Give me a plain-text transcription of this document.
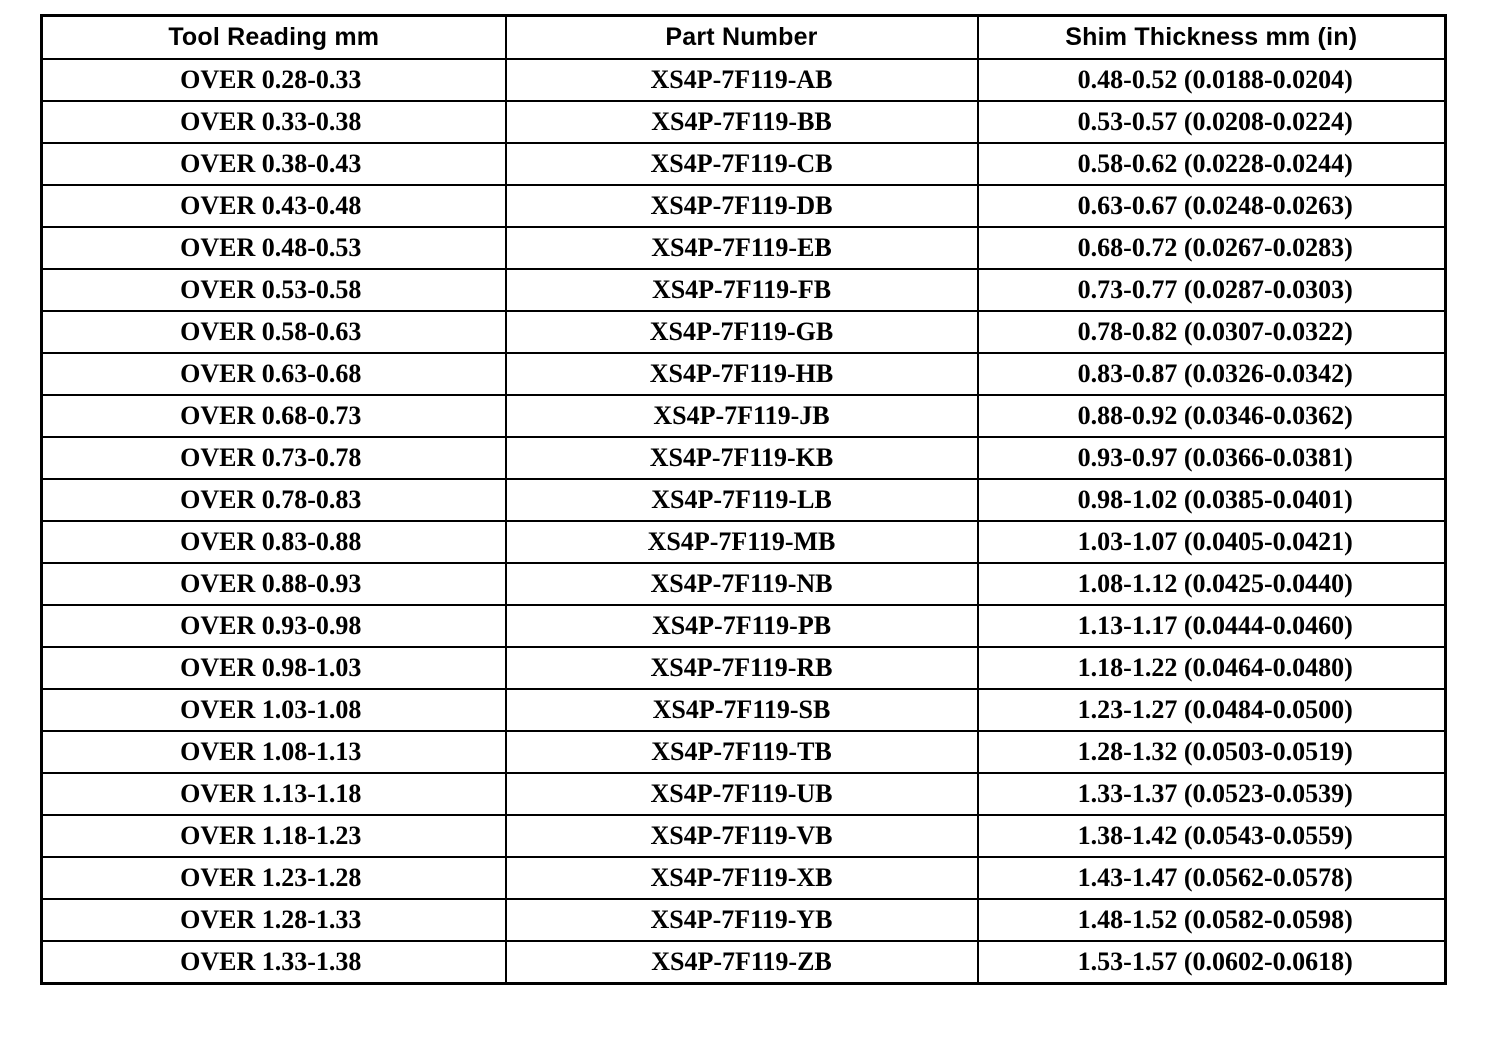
Tool Reading mm	Part Number	Shim Thickness mm (in)
OVER 0.28-0.33	XS4P-7F119-AB	0.48-0.52 (0.0188-0.0204)
OVER 0.33-0.38	XS4P-7F119-BB	0.53-0.57 (0.0208-0.0224)
OVER 0.38-0.43	XS4P-7F119-CB	0.58-0.62 (0.0228-0.0244)
OVER 0.43-0.48	XS4P-7F119-DB	0.63-0.67 (0.0248-0.0263)
OVER 0.48-0.53	XS4P-7F119-EB	0.68-0.72 (0.0267-0.0283)
OVER 0.53-0.58	XS4P-7F119-FB	0.73-0.77 (0.0287-0.0303)
OVER 0.58-0.63	XS4P-7F119-GB	0.78-0.82 (0.0307-0.0322)
OVER 0.63-0.68	XS4P-7F119-HB	0.83-0.87 (0.0326-0.0342)
OVER 0.68-0.73	XS4P-7F119-JB	0.88-0.92 (0.0346-0.0362)
OVER 0.73-0.78	XS4P-7F119-KB	0.93-0.97 (0.0366-0.0381)
OVER 0.78-0.83	XS4P-7F119-LB	0.98-1.02 (0.0385-0.0401)
OVER 0.83-0.88	XS4P-7F119-MB	1.03-1.07 (0.0405-0.0421)
OVER 0.88-0.93	XS4P-7F119-NB	1.08-1.12 (0.0425-0.0440)
OVER 0.93-0.98	XS4P-7F119-PB	1.13-1.17 (0.0444-0.0460)
OVER 0.98-1.03	XS4P-7F119-RB	1.18-1.22 (0.0464-0.0480)
OVER 1.03-1.08	XS4P-7F119-SB	1.23-1.27 (0.0484-0.0500)
OVER 1.08-1.13	XS4P-7F119-TB	1.28-1.32 (0.0503-0.0519)
OVER 1.13-1.18	XS4P-7F119-UB	1.33-1.37 (0.0523-0.0539)
OVER 1.18-1.23	XS4P-7F119-VB	1.38-1.42 (0.0543-0.0559)
OVER 1.23-1.28	XS4P-7F119-XB	1.43-1.47 (0.0562-0.0578)
OVER 1.28-1.33	XS4P-7F119-YB	1.48-1.52 (0.0582-0.0598)
OVER 1.33-1.38	XS4P-7F119-ZB	1.53-1.57 (0.0602-0.0618)
